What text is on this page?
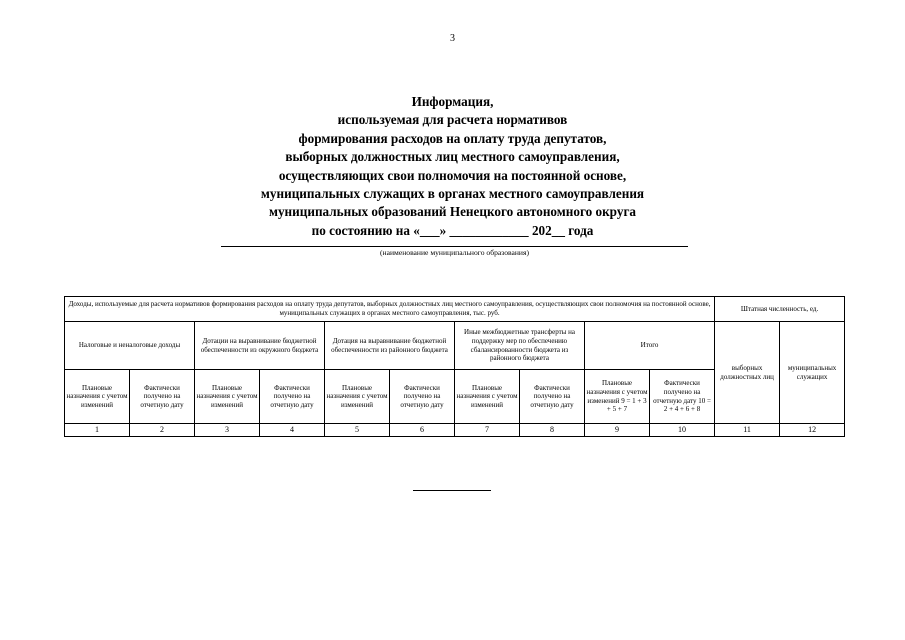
3
Информация,
используемая для расчета нормативов
формирования расходов на оплату труда депутатов,
выборных должностных лиц местного самоуправления,
осуществляющих свои полномочия на постоянной основе,
муниципальных служащих в органах местного самоуправления
муниципальных образований Ненецкого автономного округа
по состоянию на «___» ____________ 202__ года
(наименование муниципального образования)
Доходы, используемые для расчета нормативов формирования расходов на оплату труда депутатов, выборных должностных лиц местного самоуправления, осуществляющих свои полномочия на постоянной основе, муниципальных служащих в органах местного самоуправления, тыс. руб.										Штатная численность, ед.	
Налоговые и неналоговые доходы		Дотации на выравнивание бюджетной обеспеченности из окружного бюджета		Дотация на выравнивание бюджетной обеспеченности из районного бюджета		Иные межбюджетные трансферты на поддержку мер по обеспечению сбалансированности бюджета из районного бюджета		Итого		выборных должностных лиц	муниципальных служащих
Плановые назначения с учетом изменений	Фактически получено на отчетную дату	Плановые назначения с учетом изменений	Фактически получено на отчетную дату	Плановые назначения с учетом изменений	Фактически получено на отчетную дату	Плановые назначения с учетом изменений	Фактически получено на отчетную дату	Плановые назначения с учетом изменений 9 = 1 + 3 + 5 + 7	Фактически получено на отчетную дату 10 = 2 + 4 + 6 + 8		
1	2	3	4	5	6	7	8	9	10	11	12
